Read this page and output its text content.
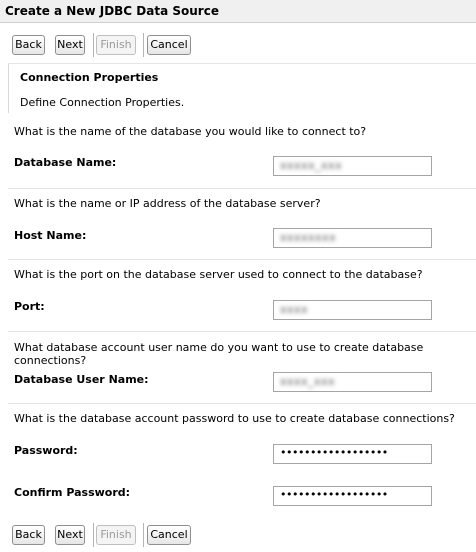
Create a New JDBC Data Source
Back Next	Finish	Cancel
Connection Properties
Define Connection Properties.
What is the name of the database you would like to connect to?
Database Name:	xxxxx_xxx
What is the name or IP address of the database server?
Host Name:	xxxxxxxx
What is the port on the database server used to connect to the database?
Port:	xxxx
What database account user name do you want to use to create database connections?
Database User Name:	xxxx_xxx
What is the database account password to use to create database connections?
Password:	••••••••••••••••••
Confirm Password:	••••••••••••••••••
Back Next	Finish	Cancel
